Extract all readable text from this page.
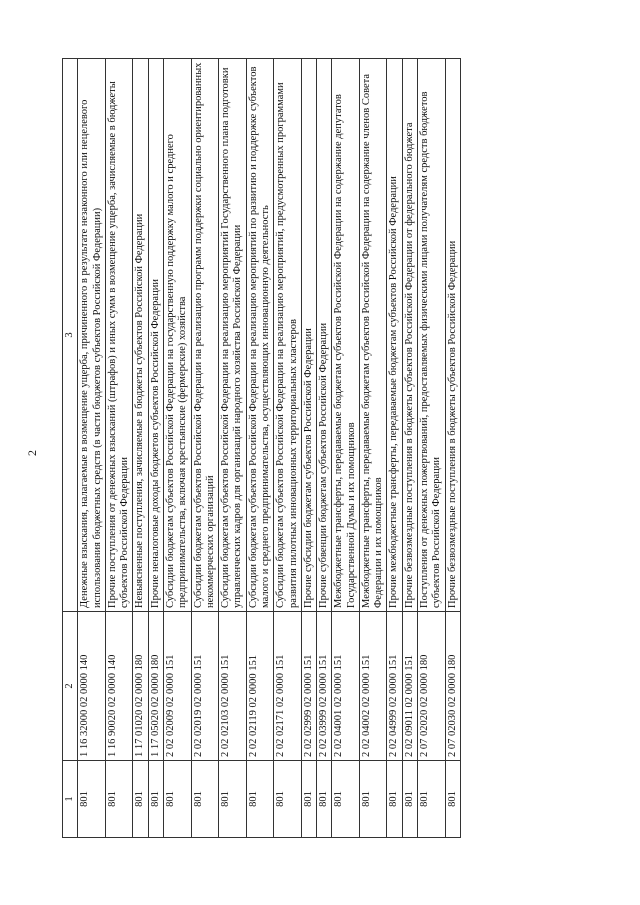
2
1	2	3
801	1 16 32000 02 0000 140	Денежные взыскания, налагаемые в возмещение ущерба, причиненного в результате незаконного или нецелевого использования бюджетных средств (в части бюджетов субъектов Российской Федерации)
801	1 16 90020 02 0000 140	Прочие поступления от денежных взысканий (штрафов) и иных сумм в возмещение ущерба, зачисляемые в бюджеты субъектов Российской Федерации
801	1 17 01020 02 0000 180	Невыясненные поступления, зачисляемые в бюджеты субъектов Российской Федерации
801	1 17 05020 02 0000 180	Прочие неналоговые доходы бюджетов субъектов Российской Федерации
801	2 02 02009 02 0000 151	Субсидии бюджетам субъектов Российской Федерации на государственную поддержку малого и среднего предпринимательства, включая крестьянские (фермерские) хозяйства
801	2 02 02019 02 0000 151	Субсидии бюджетам субъектов Российской Федерации на реализацию программ поддержки социально ориентированных некоммерческих организаций
801	2 02 02103 02 0000 151	Субсидии бюджетам субъектов Российской Федерации на реализацию мероприятий Государственного плана подготовки управленческих кадров для организаций народного хозяйства Российской Федерации
801	2 02 02119 02 0000 151	Субсидии бюджетам субъектов Российской Федерации на реализацию мероприятий по развитию и поддержке субъектов малого и среднего предпринимательства, осуществляющих инновационную деятельность
801	2 02 02171 02 0000 151	Субсидии бюджетам субъектов Российской Федерации на реализацию мероприятий, предусмотренных программами развития пилотных инновационных территориальных кластеров
801	2 02 02999 02 0000 151	Прочие субсидии бюджетам субъектов Российской Федерации
801	2 02 03999 02 0000 151	Прочие субвенции бюджетам субъектов Российской Федерации
801	2 02 04001 02 0000 151	Межбюджетные трансферты, передаваемые бюджетам субъектов Российской Федерации на содержание депутатов Государственной Думы и их помощников
801	2 02 04002 02 0000 151	Межбюджетные трансферты, передаваемые бюджетам субъектов Российской Федерации на содержание членов Совета Федерации и их помощников
801	2 02 04999 02 0000 151	Прочие межбюджетные трансферты, передаваемые бюджетам субъектов Российской Федерации
801	2 02 09011 02 0000 151	Прочие безвозмездные поступления в бюджеты субъектов Российской Федерации от федерального бюджета
801	2 07 02020 02 0000 180	Поступления от денежных пожертвований, предоставляемых физическими лицами получателям средств бюджетов субъектов Российской Федерации
801	2 07 02030 02 0000 180	Прочие безвозмездные поступления в бюджеты субъектов Российской Федерации
